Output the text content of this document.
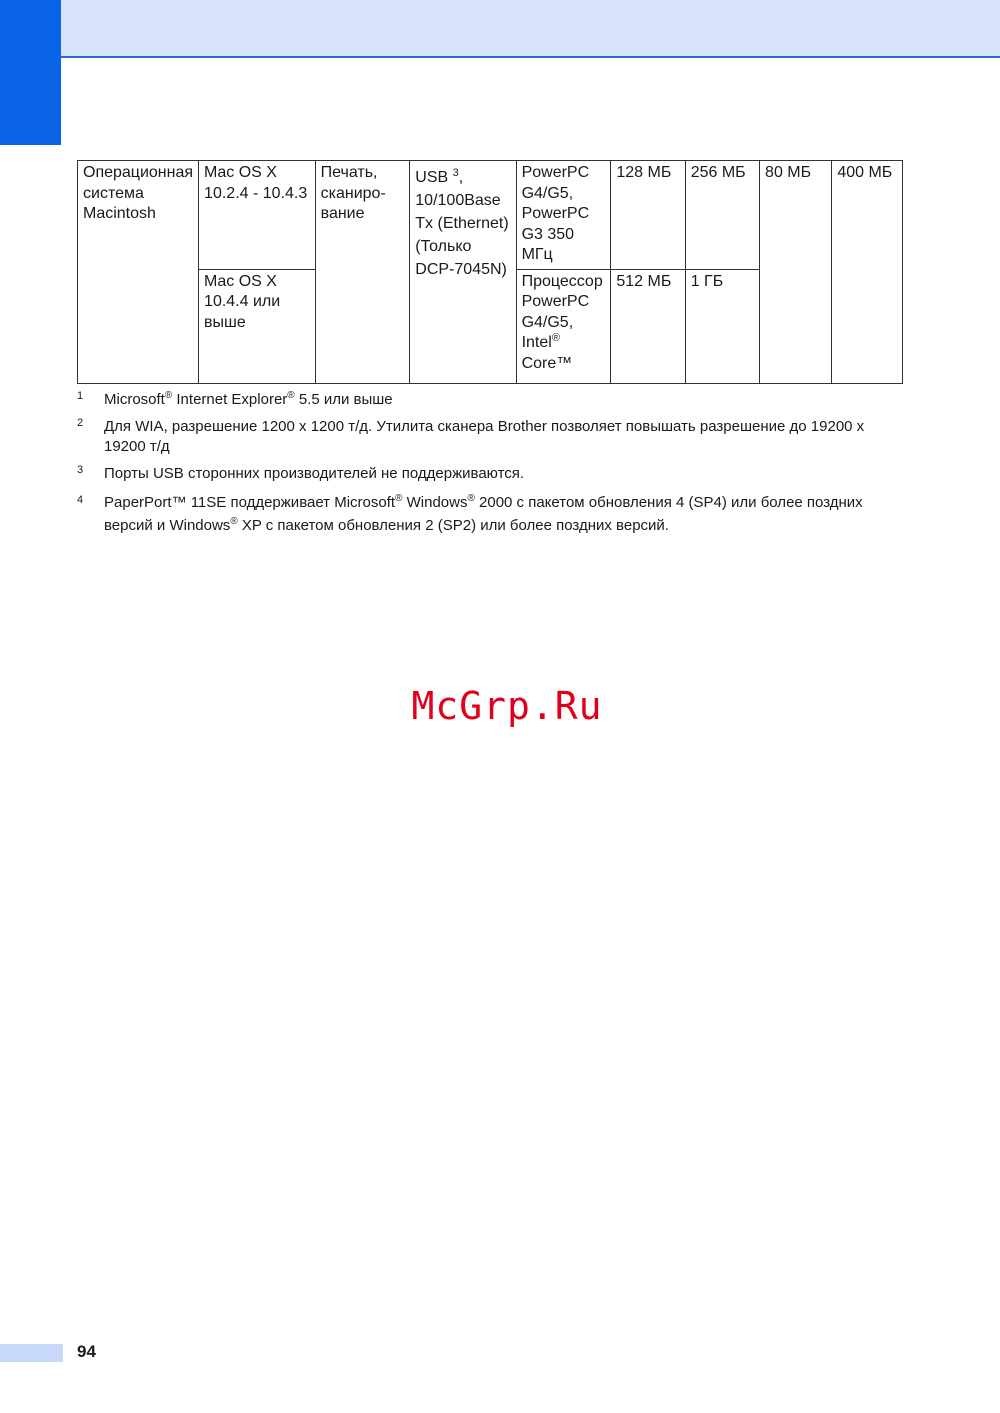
Операционная система Macintosh	Mac OS X 10.2.4 - 10.4.3	Печать, сканиро-вание	USB $^3$, 10/100Base Tx (Ethernet) (Только DCP-7045N)	PowerPC G4/G5, PowerPC G3 350 МГц	128 МБ	256 МБ	80 МБ	400 МБ
	Mac OS X 10.4.4 или выше			Процессор PowerPC G4/G5, Intel® Core™	512 МБ	1 ГБ		
1 Microsoft® Internet Explorer® 5.5 или выше
2 Для WIA, разрешение 1200 x 1200 т/д. Утилита сканера Brother позволяет повышать разрешение до 19200 x 19200 т/д
3 Порты USB сторонних производителей не поддерживаются.
4 PaperPort™ 11SE поддерживает Microsoft® Windows® 2000 с пакетом обновления 4 (SP4) или более поздних версий и Windows® XP с пакетом обновления 2 (SP2) или более поздних версий.
McGrp.Ru
94
